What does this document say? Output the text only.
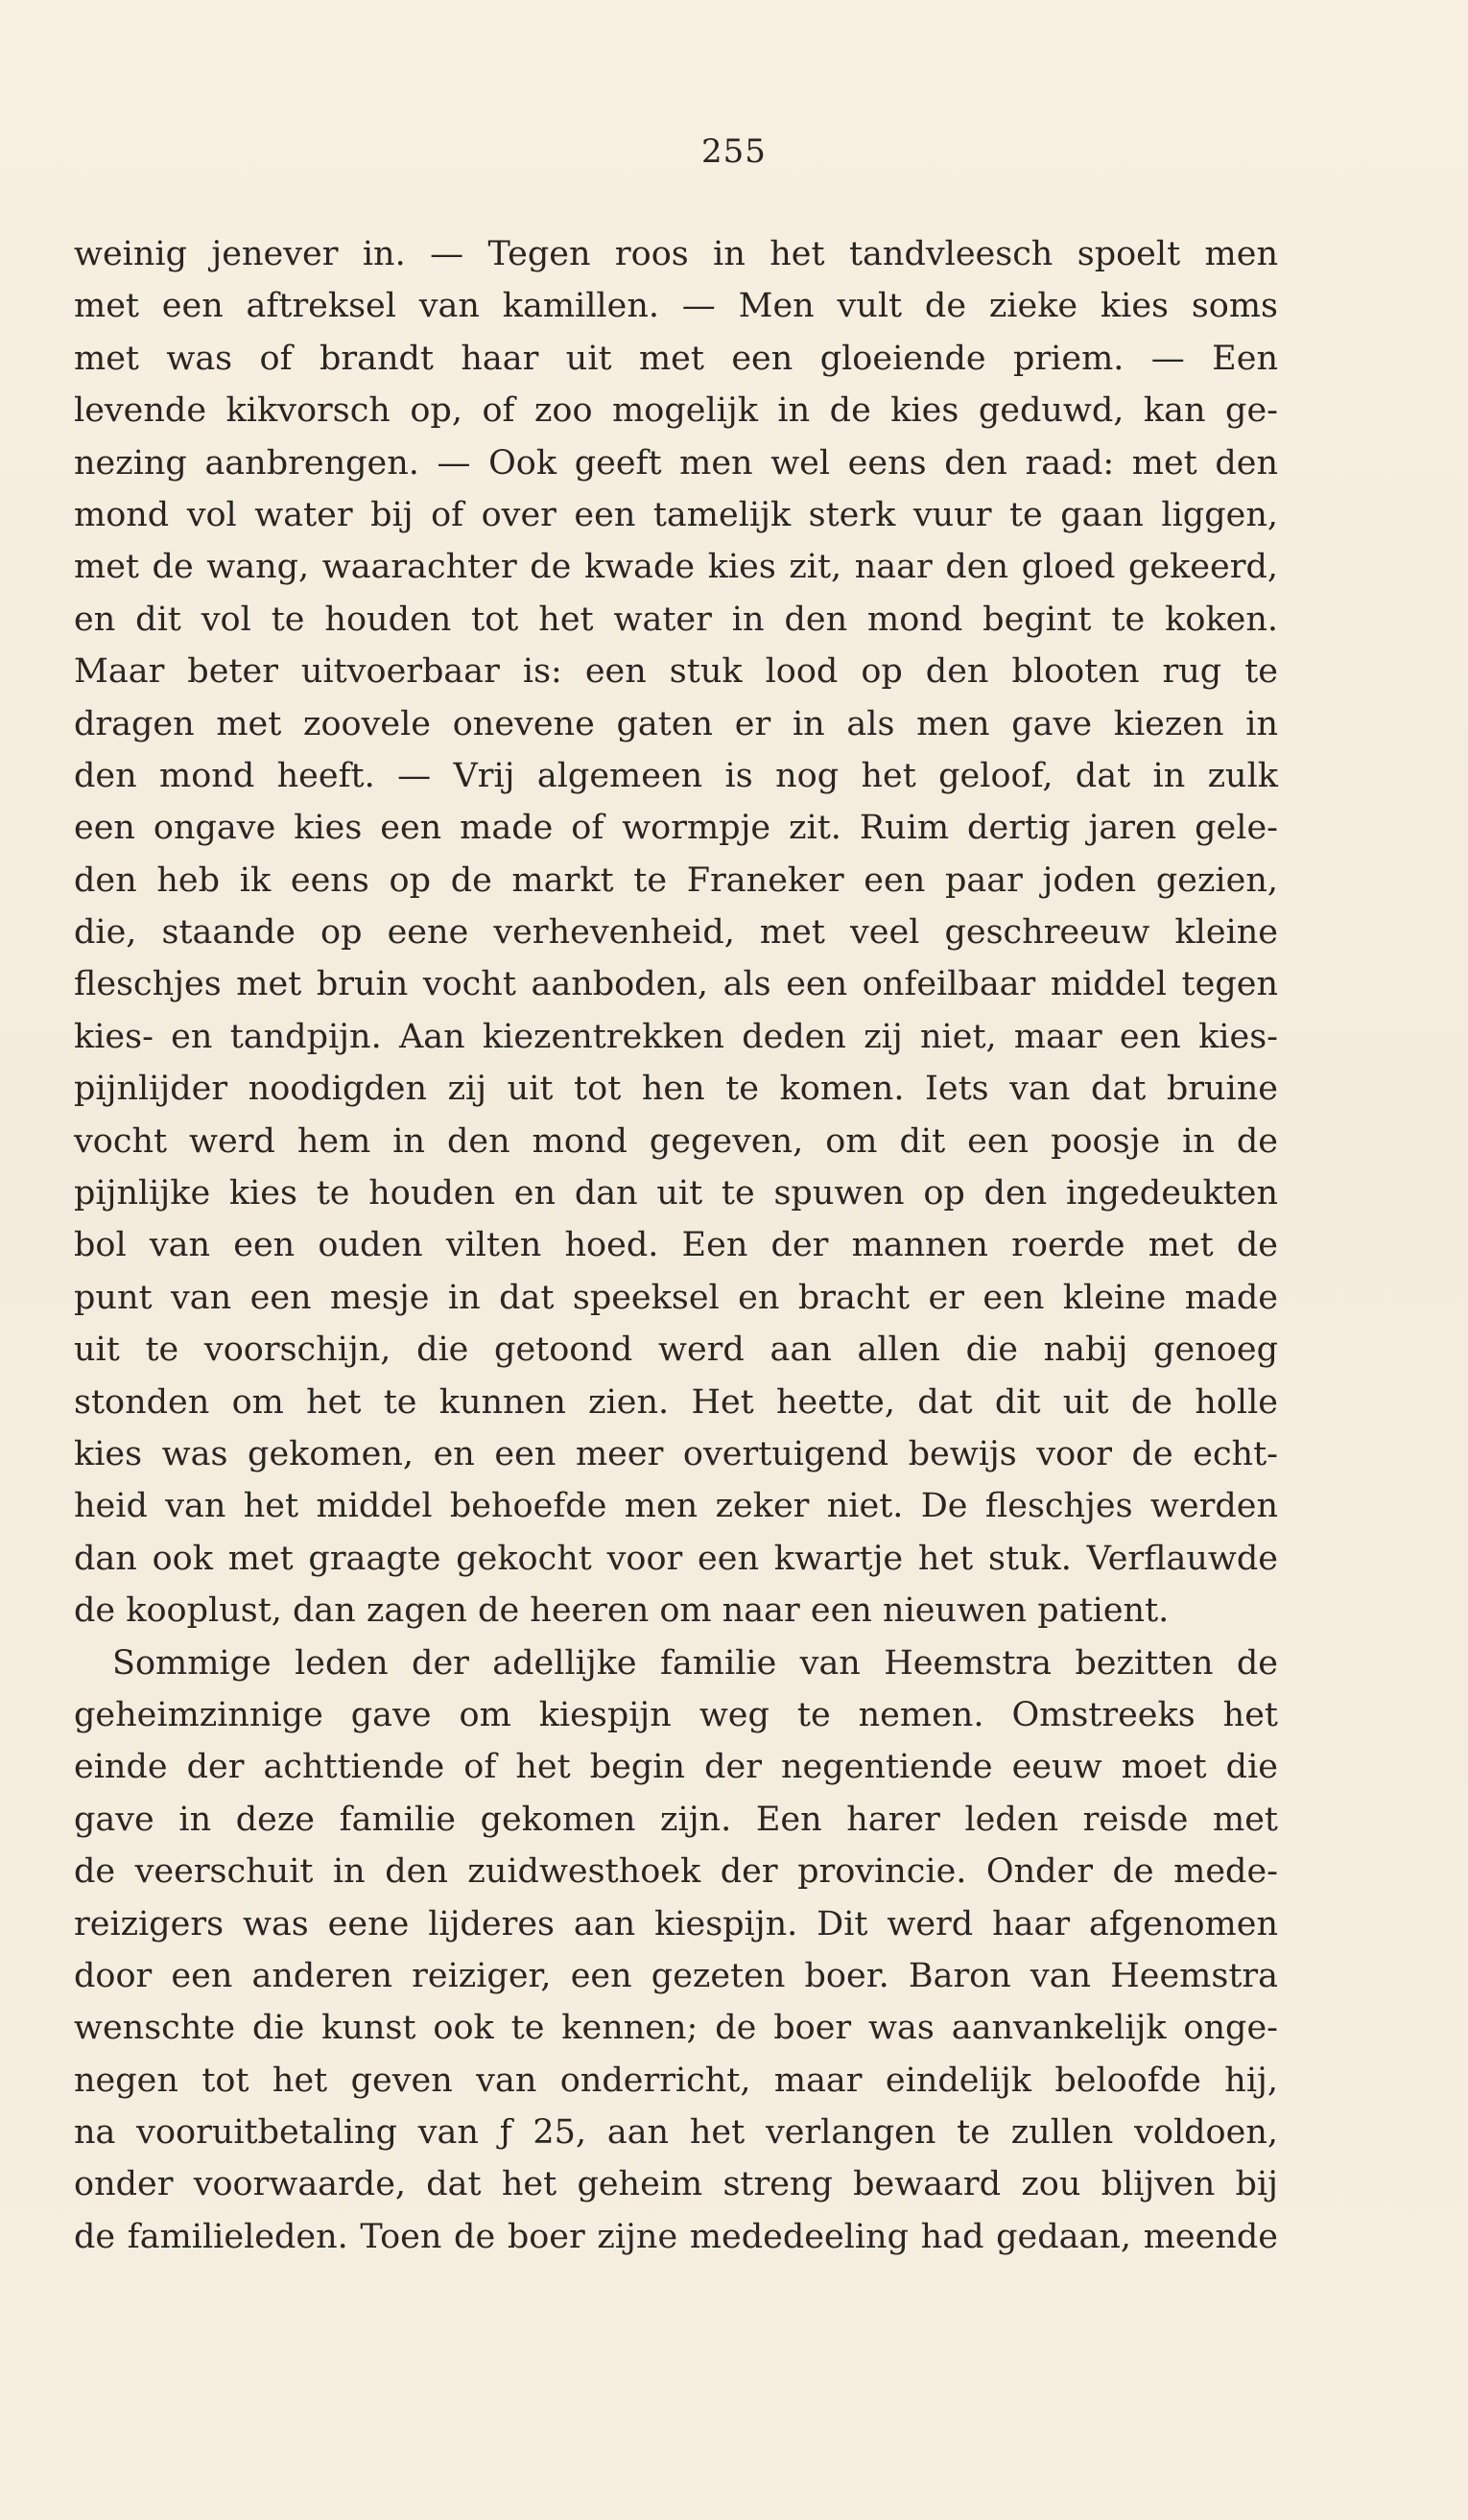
255
weinig jenever in. — Tegen roos in het tandvleesch spoelt men
met een aftreksel van kamillen. — Men vult de zieke kies soms
met was of brandt haar uit met een gloeiende priem. — Een
levende kikvorsch op, of zoo mogelijk in de kies geduwd, kan ge-
nezing aanbrengen. — Ook geeft men wel eens den raad: met den
mond vol water bij of over een tamelijk sterk vuur te gaan liggen,
met de wang, waarachter de kwade kies zit, naar den gloed gekeerd,
en dit vol te houden tot het water in den mond begint te koken.
Maar beter uitvoerbaar is: een stuk lood op den blooten rug te
dragen met zoovele onevene gaten er in als men gave kiezen in
den mond heeft. — Vrij algemeen is nog het geloof, dat in zulk
een ongave kies een made of wormpje zit. Ruim dertig jaren gele-
den heb ik eens op de markt te Franeker een paar joden gezien,
die, staande op eene verhevenheid, met veel geschreeuw kleine
fleschjes met bruin vocht aanboden, als een onfeilbaar middel tegen
kies- en tandpijn. Aan kiezentrekken deden zij niet, maar een kies-
pijnlijder noodigden zij uit tot hen te komen. Iets van dat bruine
vocht werd hem in den mond gegeven, om dit een poosje in de
pijnlijke kies te houden en dan uit te spuwen op den ingedeukten
bol van een ouden vilten hoed. Een der mannen roerde met de
punt van een mesje in dat speeksel en bracht er een kleine made
uit te voorschijn, die getoond werd aan allen die nabij genoeg
stonden om het te kunnen zien. Het heette, dat dit uit de holle
kies was gekomen, en een meer overtuigend bewijs voor de echt-
heid van het middel behoefde men zeker niet. De fleschjes werden
dan ook met graagte gekocht voor een kwartje het stuk. Verflauwde
de kooplust, dan zagen de heeren om naar een nieuwen patient.
Sommige leden der adellijke familie van Heemstra bezitten de
geheimzinnige gave om kiespijn weg te nemen. Omstreeks het
einde der achttiende of het begin der negentiende eeuw moet die
gave in deze familie gekomen zijn. Een harer leden reisde met
de veerschuit in den zuidwesthoek der provincie. Onder de mede-
reizigers was eene lijderes aan kiespijn. Dit werd haar afgenomen
door een anderen reiziger, een gezeten boer. Baron van Heemstra
wenschte die kunst ook te kennen; de boer was aanvankelijk onge-
negen tot het geven van onderricht, maar eindelijk beloofde hij,
na vooruitbetaling van ƒ 25, aan het verlangen te zullen voldoen,
onder voorwaarde, dat het geheim streng bewaard zou blijven bij
de familieleden. Toen de boer zijne mededeeling had gedaan, meende
